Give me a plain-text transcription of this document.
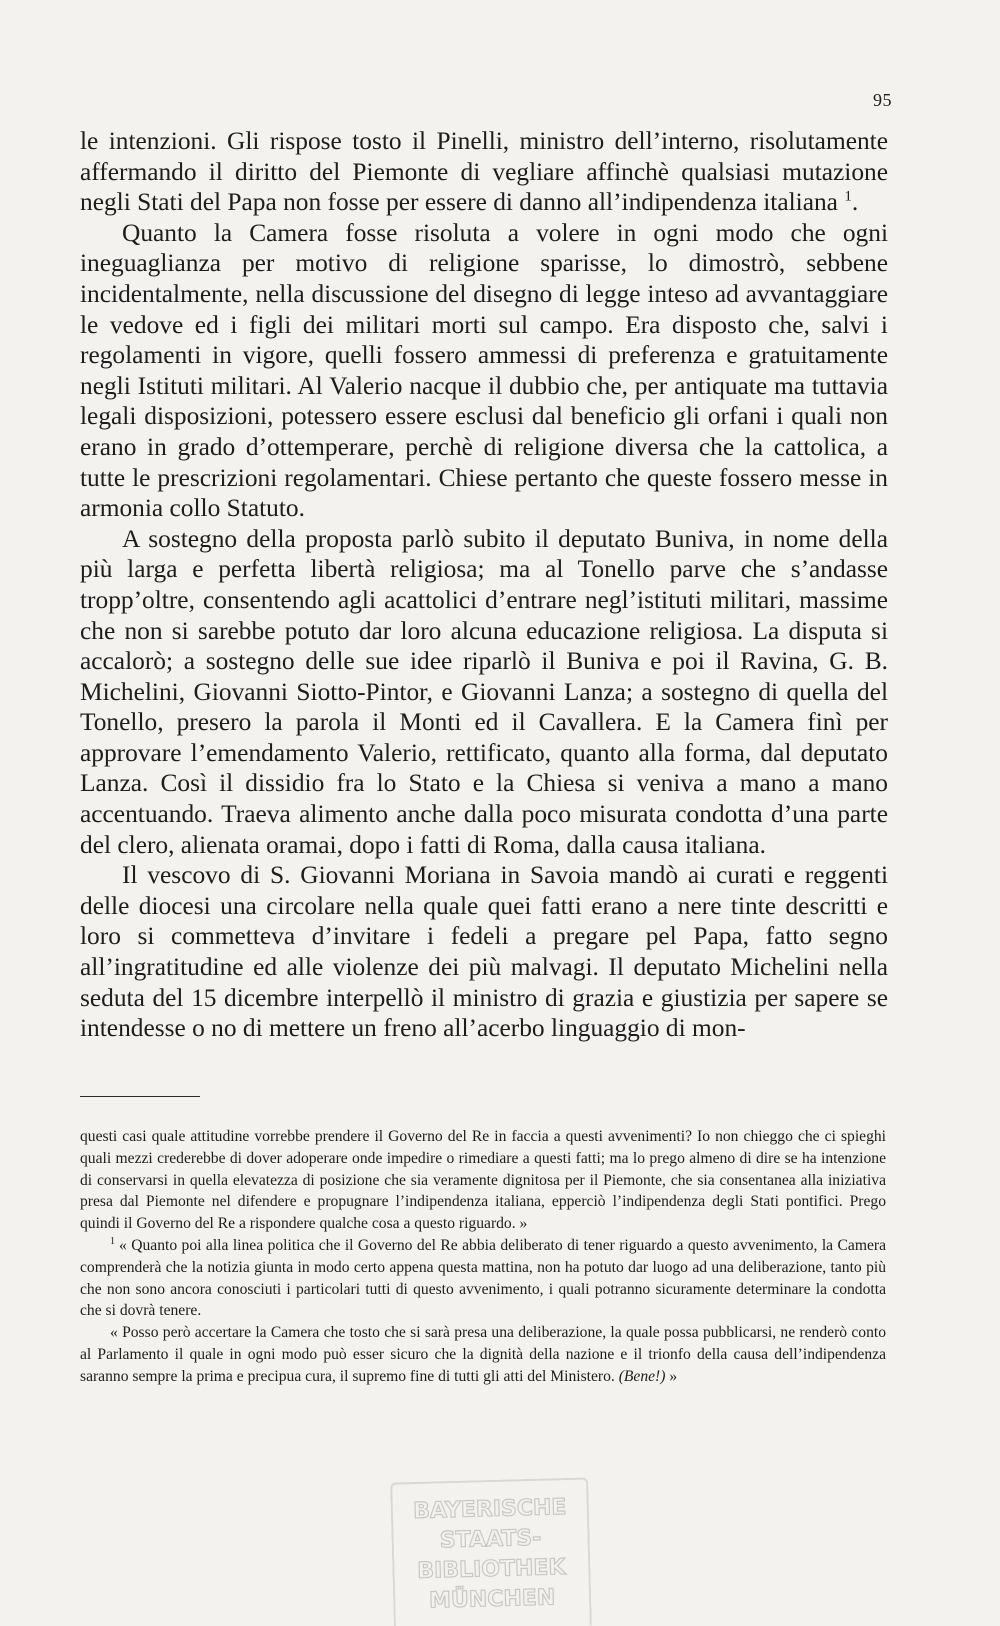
95

le intenzioni. Gli rispose tosto il Pinelli, ministro dell’interno, risolutamente affermando il diritto del Piemonte di vegliare affinchè qualsiasi mutazione negli Stati del Papa non fosse per essere di danno all’indipendenza italiana $^1$.

Quanto la Camera fosse risoluta a volere in ogni modo che ogni ineguaglianza per motivo di religione sparisse, lo dimostrò, sebbene incidentalmente, nella discussione del disegno di legge inteso ad avvantaggiare le vedove ed i figli dei militari morti sul campo. Era disposto che, salvi i regolamenti in vigore, quelli fossero ammessi di preferenza e gratuitamente negli Istituti militari. Al Valerio nacque il dubbio che, per antiquate ma tuttavia legali disposizioni, potessero essere esclusi dal beneficio gli orfani i quali non erano in grado d’ottemperare, perchè di religione diversa che la cattolica, a tutte le prescrizioni regolamentari. Chiese pertanto che queste fossero messe in armonia collo Statuto.

A sostegno della proposta parlò subito il deputato Buniva, in nome della più larga e perfetta libertà religiosa; ma al Tonello parve che s’andasse tropp’oltre, consentendo agli acattolici d’entrare negl’istituti militari, massime che non si sarebbe potuto dar loro alcuna educazione religiosa. La disputa si accalorò; a sostegno delle sue idee riparlò il Buniva e poi il Ravina, G. B. Michelini, Giovanni Siotto-Pintor, e Giovanni Lanza; a sostegno di quella del Tonello, presero la parola il Monti ed il Cavallera. E la Camera finì per approvare l’emendamento Valerio, rettificato, quanto alla forma, dal deputato Lanza. Così il dissidio fra lo Stato e la Chiesa si veniva a mano a mano accentuando. Traeva alimento anche dalla poco misurata condotta d’una parte del clero, alienata oramai, dopo i fatti di Roma, dalla causa italiana.

Il vescovo di S. Giovanni Moriana in Savoia mandò ai curati e reggenti delle diocesi una circolare nella quale quei fatti erano a nere tinte descritti e loro si commetteva d’invitare i fedeli a pregare pel Papa, fatto segno all’ingratitudine ed alle violenze dei più malvagi. Il deputato Michelini nella seduta del 15 dicembre interpellò il ministro di grazia e giustizia per sapere se intendesse o no di mettere un freno all’acerbo linguaggio di mon-

questi casi quale attitudine vorrebbe prendere il Governo del Re in faccia a questi avvenimenti? Io non chieggo che ci spieghi quali mezzi crederebbe di dover adoperare onde impedire o rimediare a questi fatti; ma lo prego almeno di dire se ha intenzione di conservarsi in quella elevatezza di posizione che sia veramente dignitosa per il Piemonte, che sia consentanea alla iniziativa presa dal Piemonte nel difendere e propugnare l’indipendenza italiana, epperciò l’indipendenza degli Stati pontifici. Prego quindi il Governo del Re a rispondere qualche cosa a questo riguardo. »

$^1$ « Quanto poi alla linea politica che il Governo del Re abbia deliberato di tener riguardo a questo avvenimento, la Camera comprenderà che la notizia giunta in modo certo appena questa mattina, non ha potuto dar luogo ad una deliberazione, tanto più che non sono ancora conosciuti i particolari tutti di questo avvenimento, i quali potranno sicuramente determinare la condotta che si dovrà tenere.

« Posso però accertare la Camera che tosto che si sarà presa una deliberazione, la quale possa pubblicarsi, ne renderò conto al Parlamento il quale in ogni modo può esser sicuro che la dignità della nazione e il trionfo della causa dell’indipendenza saranno sempre la prima e precipua cura, il supremo fine di tutti gli atti del Ministero. (Bene!) »

BAYERISCHE
STAATS-
BIBLIOTHEK
MÜNCHEN
